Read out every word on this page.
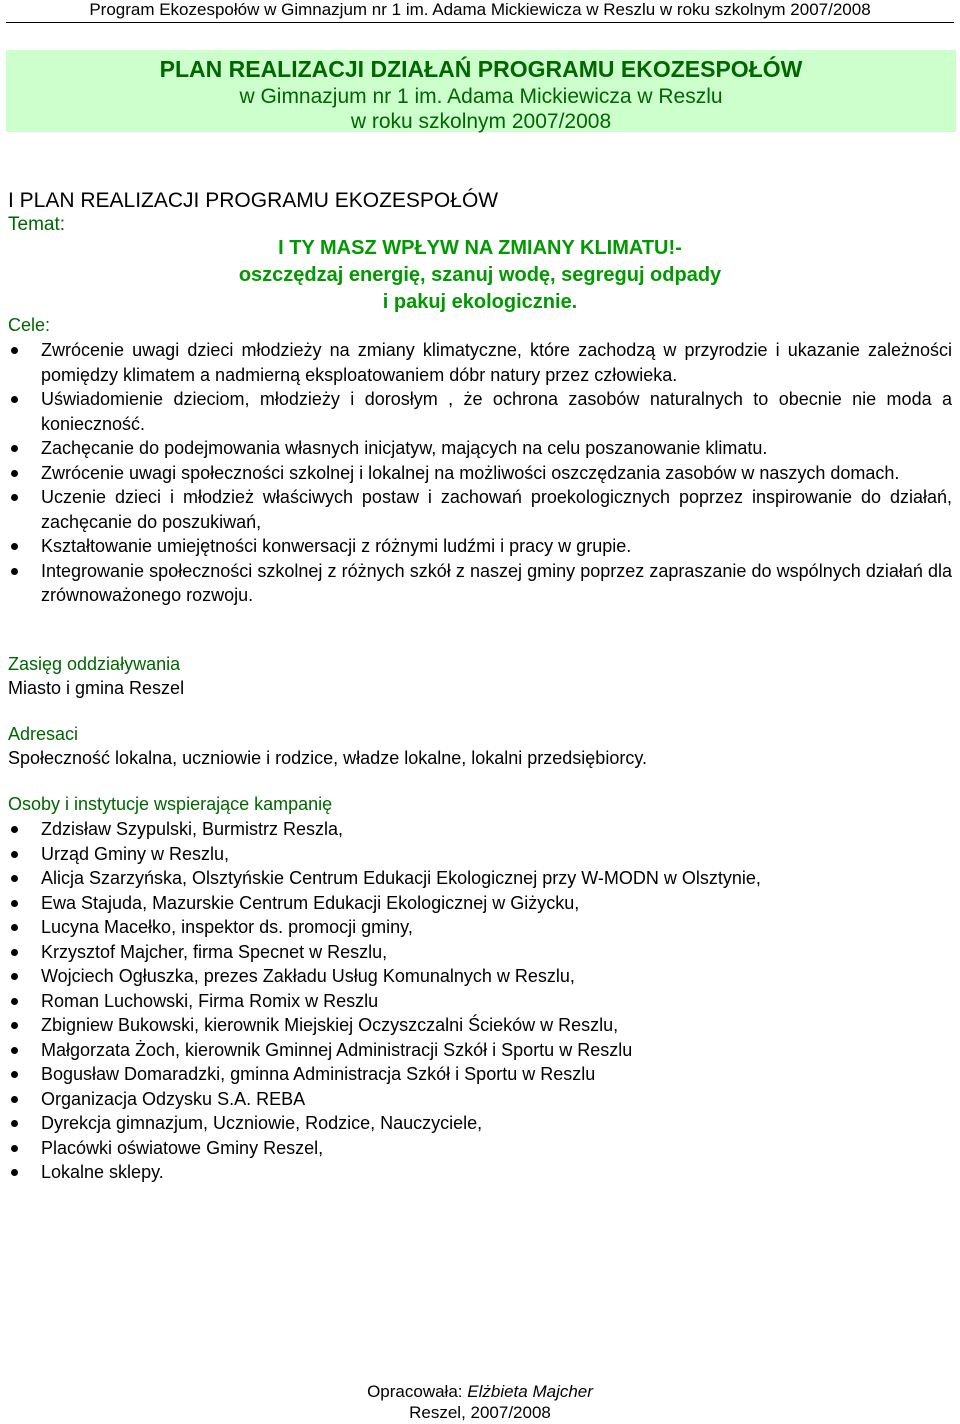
Program Ekozespołów w Gimnazjum nr 1 im. Adama Mickiewicza w Reszlu w roku szkolnym 2007/2008
PLAN REALIZACJI DZIAŁAŃ PROGRAMU EKOZESPOŁÓW
w Gimnazjum nr 1 im. Adama Mickiewicza w Reszlu
w roku szkolnym 2007/2008
I PLAN REALIZACJI PROGRAMU EKOZESPOŁÓW
Temat:
I TY MASZ WPŁYW NA ZMIANY KLIMATU!-
oszczędzaj energię, szanuj wodę, segreguj odpady
i pakuj ekologicznie.
Cele:
Zwrócenie uwagi dzieci młodzieży na zmiany klimatyczne, które zachodzą w przyrodzie i ukazanie zależności pomiędzy klimatem a nadmierną eksploatowaniem dóbr natury przez człowieka.
Uświadomienie dzieciom, młodzieży i dorosłym , że ochrona zasobów naturalnych to obecnie nie moda a konieczność.
Zachęcanie do podejmowania własnych inicjatyw, mających na celu poszanowanie klimatu.
Zwrócenie uwagi społeczności szkolnej i lokalnej na możliwości oszczędzania zasobów w naszych domach.
Uczenie dzieci i młodzież właściwych postaw i zachowań proekologicznych poprzez inspirowanie do działań, zachęcanie do poszukiwań,
Kształtowanie umiejętności konwersacji z różnymi ludźmi i pracy w grupie.
Integrowanie społeczności szkolnej z różnych szkół z naszej gminy poprzez zapraszanie do wspólnych działań dla zrównoważonego rozwoju.
Zasięg oddziaływania
Miasto i gmina Reszel
Adresaci
Społeczność lokalna, uczniowie i rodzice, władze lokalne, lokalni przedsiębiorcy.
Osoby i instytucje wspierające kampanię
Zdzisław Szypulski, Burmistrz Reszla,
Urząd Gminy w Reszlu,
Alicja Szarzyńska, Olsztyńskie Centrum Edukacji Ekologicznej przy W-MODN w Olsztynie,
Ewa Stajuda, Mazurskie Centrum Edukacji Ekologicznej w Giżycku,
Lucyna Macełko, inspektor ds. promocji gminy,
Krzysztof Majcher, firma Specnet w Reszlu,
Wojciech Ogłuszka, prezes Zakładu Usług Komunalnych w Reszlu,
Roman Luchowski, Firma Romix w Reszlu
Zbigniew Bukowski, kierownik Miejskiej Oczyszczalni Ścieków w Reszlu,
Małgorzata Żoch, kierownik Gminnej Administracji Szkół i Sportu w Reszlu
Bogusław Domaradzki, gminna Administracja Szkół i Sportu w Reszlu
Organizacja Odzysku S.A. REBA
Dyrekcja gimnazjum, Uczniowie, Rodzice, Nauczyciele,
Placówki oświatowe Gminy Reszel,
Lokalne sklepy.
Opracowała: Elżbieta Majcher
Reszel, 2007/2008
